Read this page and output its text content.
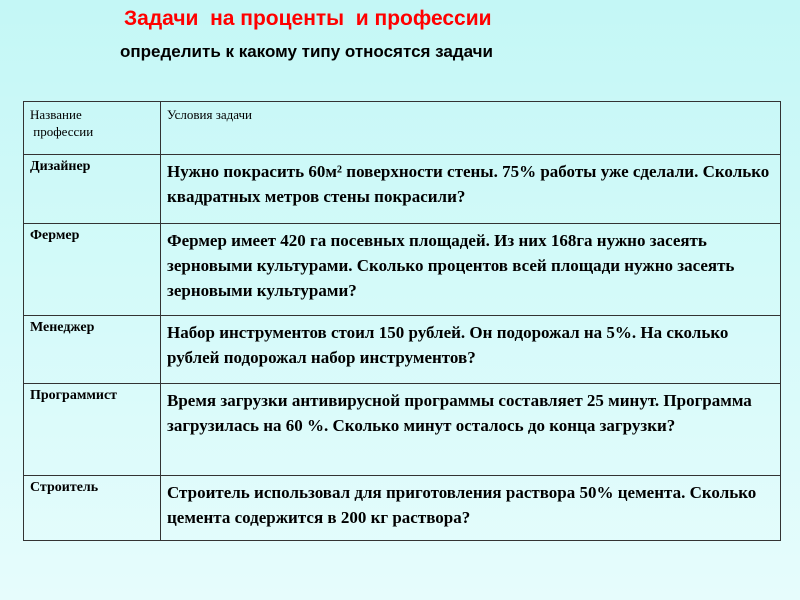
Задачи  на проценты  и профессии
определить к какому типу относятся задачи
Название
профессии	Условия задачи
Дизайнер	Нужно покрасить 60м² поверхности стены. 75% работы уже сделали. Сколько квадратных метров стены покрасили?
Фермер	Фермер имеет 420 га посевных площадей. Из них 168га нужно засеять зерновыми культурами. Сколько процентов всей площади нужно засеять зерновыми культурами?
Менеджер	Набор инструментов стоил 150 рублей. Он подорожал на 5%. На сколько рублей подорожал набор инструментов?
Программист	Время загрузки антивирусной программы составляет 25 минут. Программа загрузилась на 60 %. Сколько минут осталось до конца загрузки?
Строитель	Строитель использовал для приготовления раствора 50% цемента. Сколько цемента содержится в 200 кг раствора?
